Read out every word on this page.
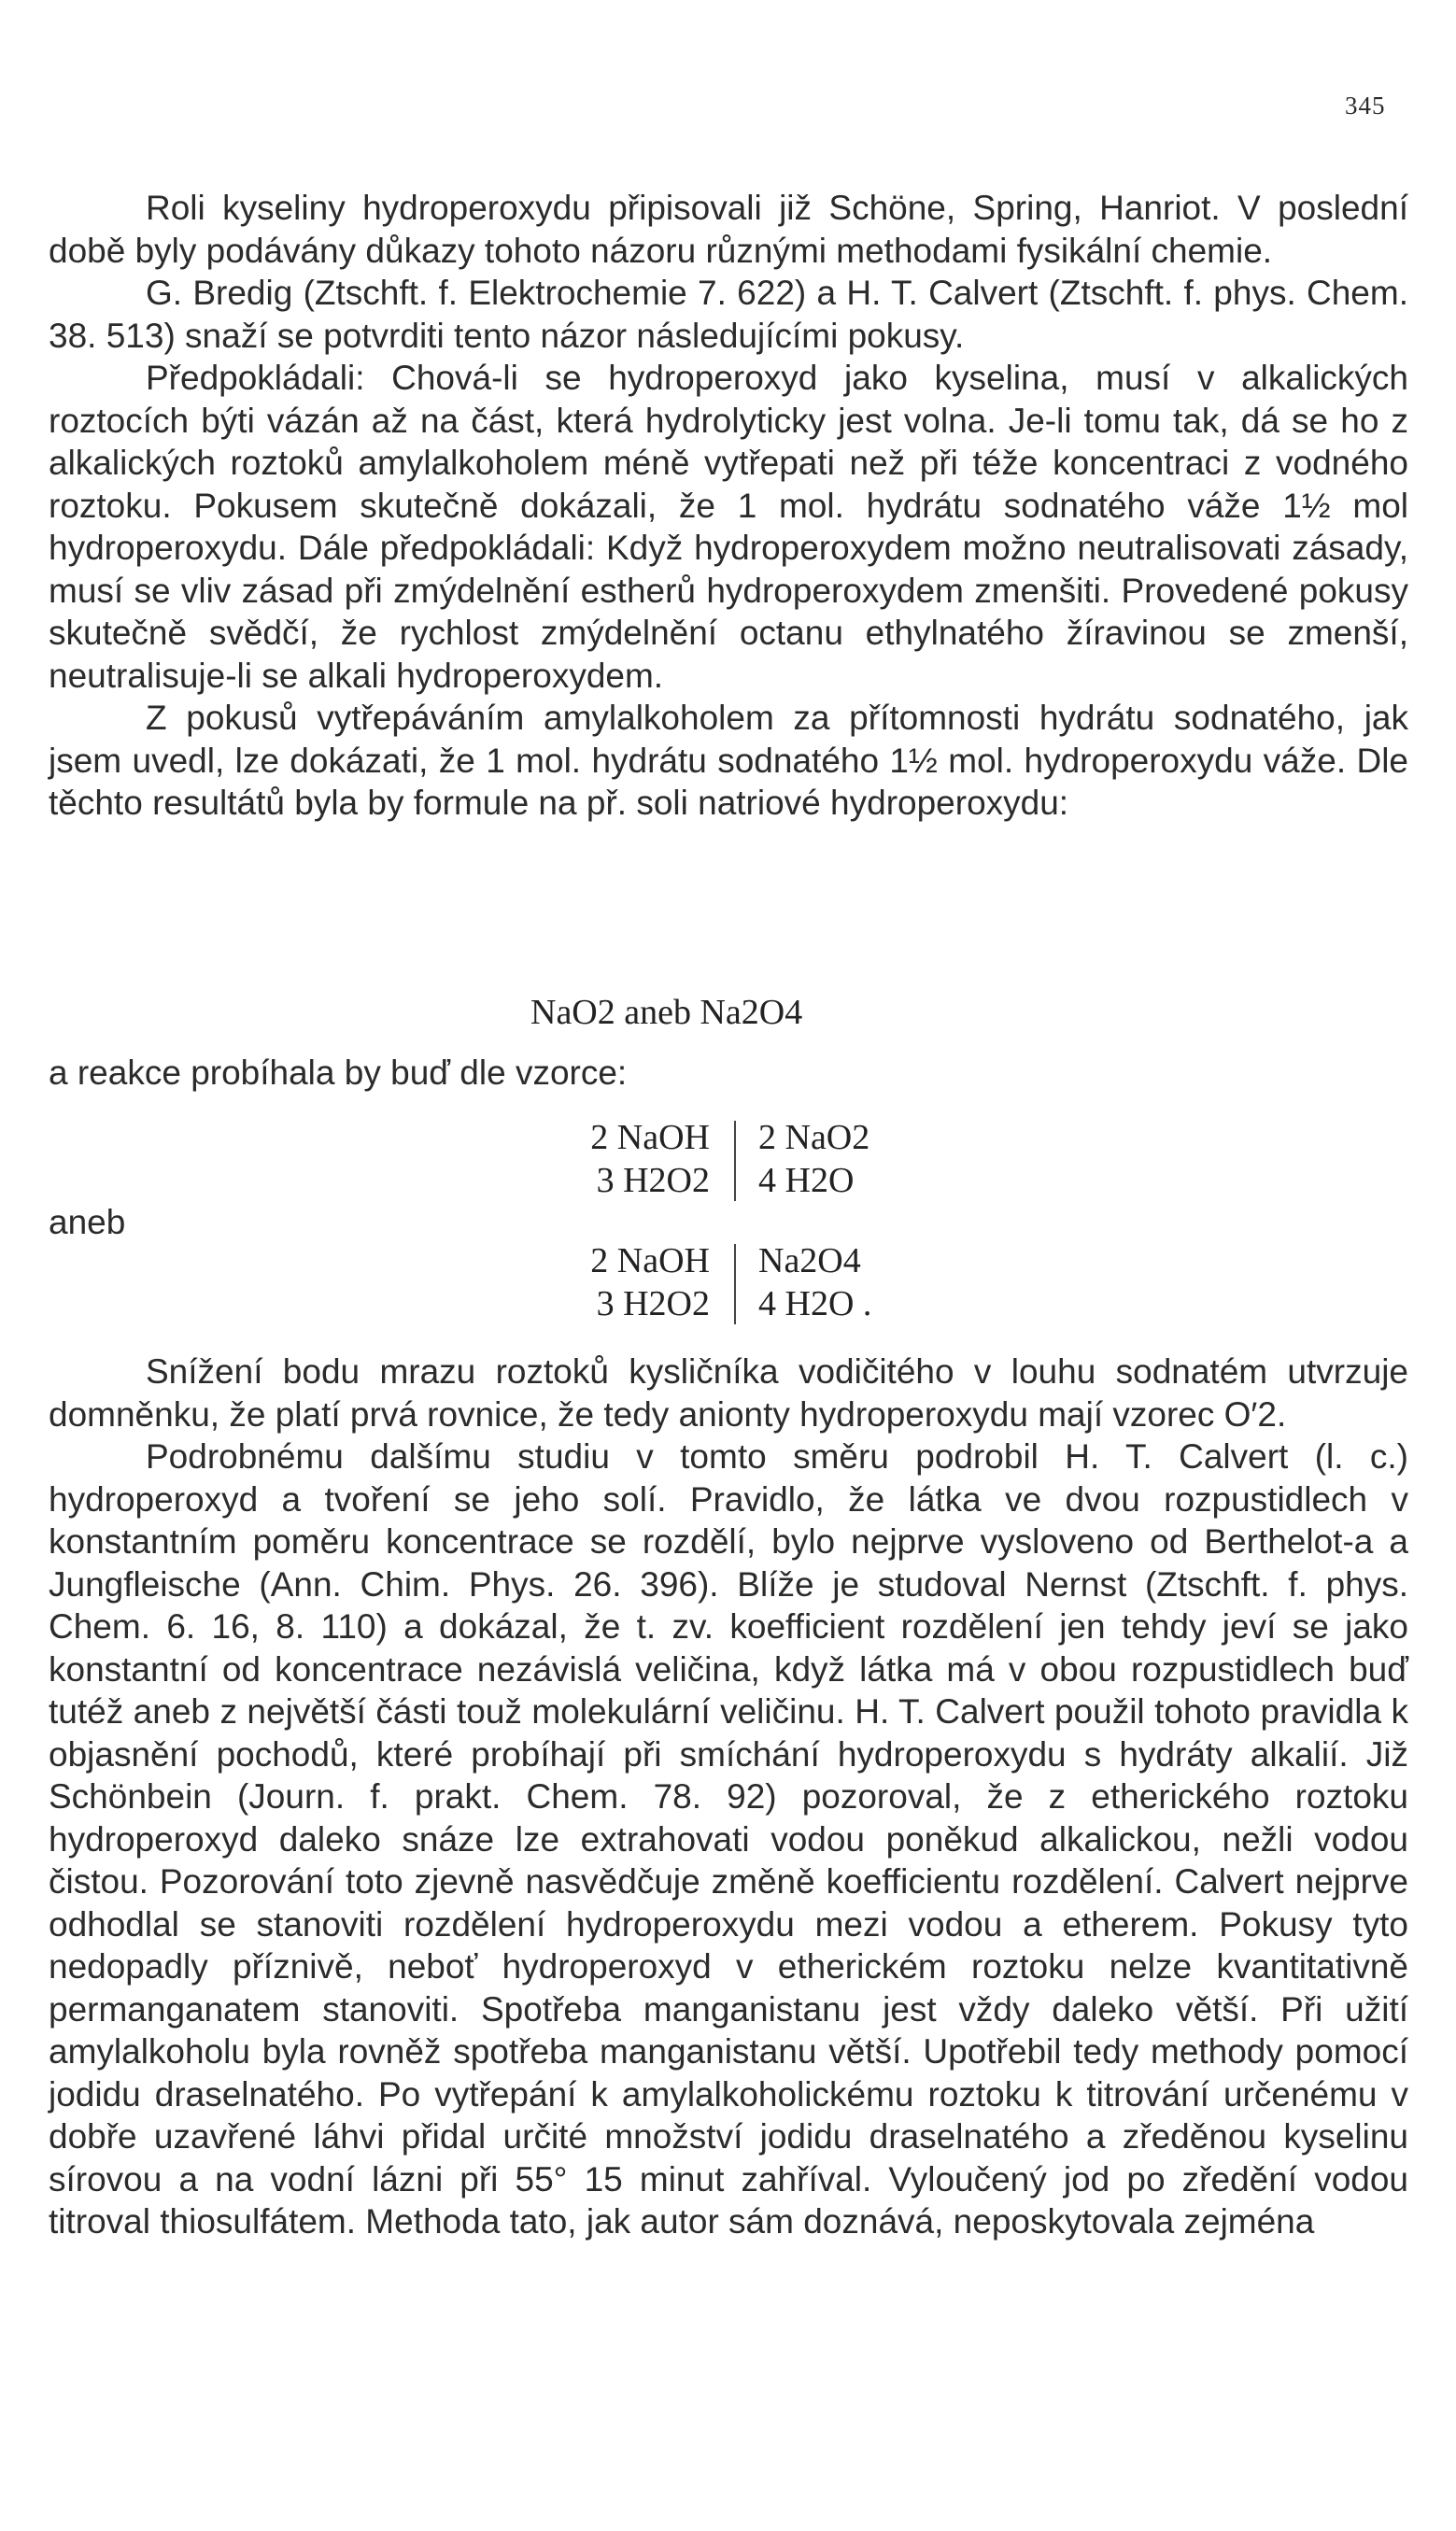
345

Roli kyseliny hydroperoxydu připisovali již Schöne, Spring, Hanriot. V poslední době byly podávány důkazy tohoto názoru různými methodami fysikální chemie.

G. Bredig (Ztschft. f. Elektrochemie 7. 622) a H. T. Calvert (Ztschft. f. phys. Chem. 38. 513) snaží se potvrditi tento názor následujícími pokusy.

Předpokládali: Chová-li se hydroperoxyd jako kyselina, musí v alkalických roztocích býti vázán až na část, která hydrolyticky jest volna. Je-li tomu tak, dá se ho z alkalických roztoků amylalkoholem méně vytřepati než při téže koncentraci z vodného roztoku. Pokusem skutečně dokázali, že 1 mol. hydrátu sodnatého váže 1½ mol hydroperoxydu. Dále předpokládali: Když hydroperoxydem možno neutralisovati zásady, musí se vliv zásad při zmýdelnění estherů hydroperoxydem zmenšiti. Provedené pokusy skutečně svědčí, že rychlost zmýdelnění octanu ethylnatého žíravinou se zmenší, neutralisuje-li se alkali hydroperoxydem.

Z pokusů vytřepáváním amylalkoholem za přítomnosti hydrátu sodnatého, jak jsem uvedl, lze dokázati, že 1 mol. hydrátu sodnatého 1½ mol. hydroperoxydu váže. Dle těchto resultátů byla by formule na př. soli natriové hydroperoxydu:

NaO2 aneb Na2O4
a reakce probíhala by buď dle vzorce:
2 NaOH
3 H2O2
2 NaO2
4 H2O
aneb
2 NaOH
3 H2O2
Na2O4
4 H2O .

Snížení bodu mrazu roztoků kysličníka vodičitého v louhu sodnatém utvrzuje domněnku, že platí prvá rovnice, že tedy anionty hydroperoxydu mají vzorec O′2.

Podrobnému dalšímu studiu v tomto směru podrobil H. T. Calvert (l. c.) hydroperoxyd a tvoření se jeho solí. Pravidlo, že látka ve dvou rozpustidlech v konstantním poměru koncentrace se rozdělí, bylo nejprve vysloveno od Berthelot-a a Jungfleische (Ann. Chim. Phys. 26. 396). Blíže je studoval Nernst (Ztschft. f. phys. Chem. 6. 16, 8. 110) a dokázal, že t. zv. koefficient rozdělení jen tehdy jeví se jako konstantní od koncentrace nezávislá veličina, když látka má v obou rozpustidlech buď tutéž aneb z největší části touž molekulární veličinu. H. T. Calvert použil tohoto pravidla k objasnění pochodů, které probíhají při smíchání hydroperoxydu s hydráty alkalií. Již Schönbein (Journ. f. prakt. Chem. 78. 92) pozoroval, že z etherického roztoku hydroperoxyd daleko snáze lze extrahovati vodou poněkud alkalickou, nežli vodou čistou. Pozorování toto zjevně nasvědčuje změně koefficientu rozdělení. Calvert nejprve odhodlal se stanoviti rozdělení hydroperoxydu mezi vodou a etherem. Pokusy tyto nedopadly příznivě, neboť hydroperoxyd v etherickém roztoku nelze kvantitativně permanganatem stanoviti. Spotřeba manganistanu jest vždy daleko větší. Při užití amylalkoholu byla rovněž spotřeba manganistanu větší. Upotřebil tedy methody pomocí jodidu draselnatého. Po vytřepání k amylalkoholickému roztoku k titrování určenému v dobře uzavřené láhvi přidal určité množství jodidu draselnatého a zředěnou kyselinu sírovou a na vodní lázni při 55° 15 minut zahříval. Vyloučený jod po zředění vodou titroval thiosulfátem. Methoda tato, jak autor sám doznává, neposkytovala zejména
